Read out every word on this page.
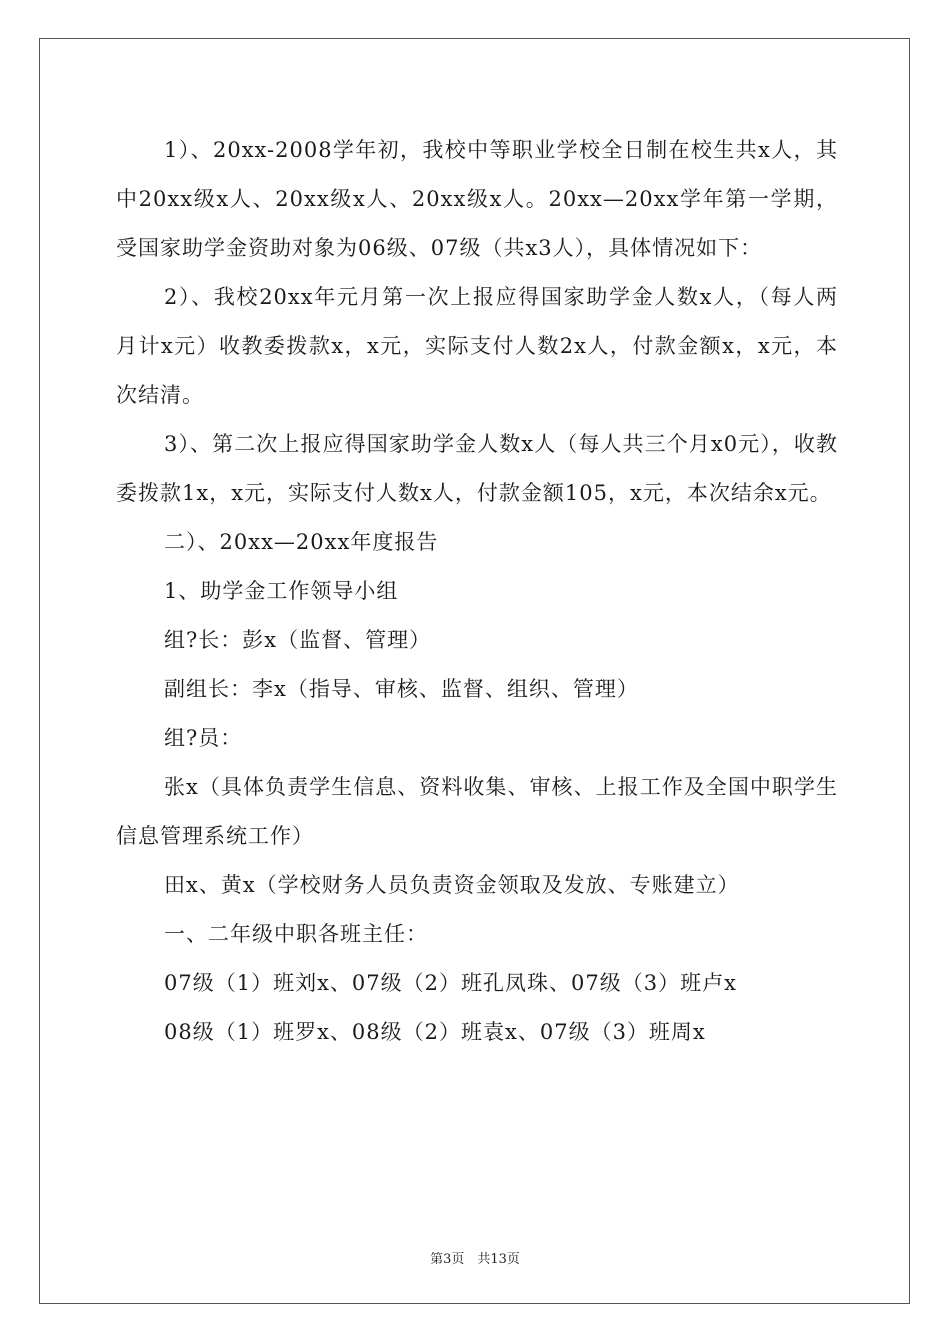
1）、20xx-2008学年初，我校中等职业学校全日制在校生共x人，其中20xx级x人、20xx级x人、20xx级x人。20xx—20xx学年第一学期，受国家助学金资助对象为06级、07级（共x3人），具体情况如下：

2）、我校20xx年元月第一次上报应得国家助学金人数x人，（每人两月计x元）收教委拨款x，x元，实际支付人数2x人，付款金额x，x元，本次结清。

3）、第二次上报应得国家助学金人数x人（每人共三个月x0元），收教委拨款1x，x元，实际支付人数x人，付款金额105，x元，本次结余x元。

二）、20xx—20xx年度报告

1、助学金工作领导小组

组?长：彭x（监督、管理）

副组长：李x（指导、审核、监督、组织、管理）

组?员：

张x（具体负责学生信息、资料收集、审核、上报工作及全国中职学生信息管理系统工作）

田x、黄x（学校财务人员负责资金领取及发放、专账建立）

一、二年级中职各班主任：

07级（1）班刘x、07级（2）班孔凤珠、07级（3）班卢x

08级（1）班罗x、08级（2）班袁x、07级（3）班周x

第3页　共13页
